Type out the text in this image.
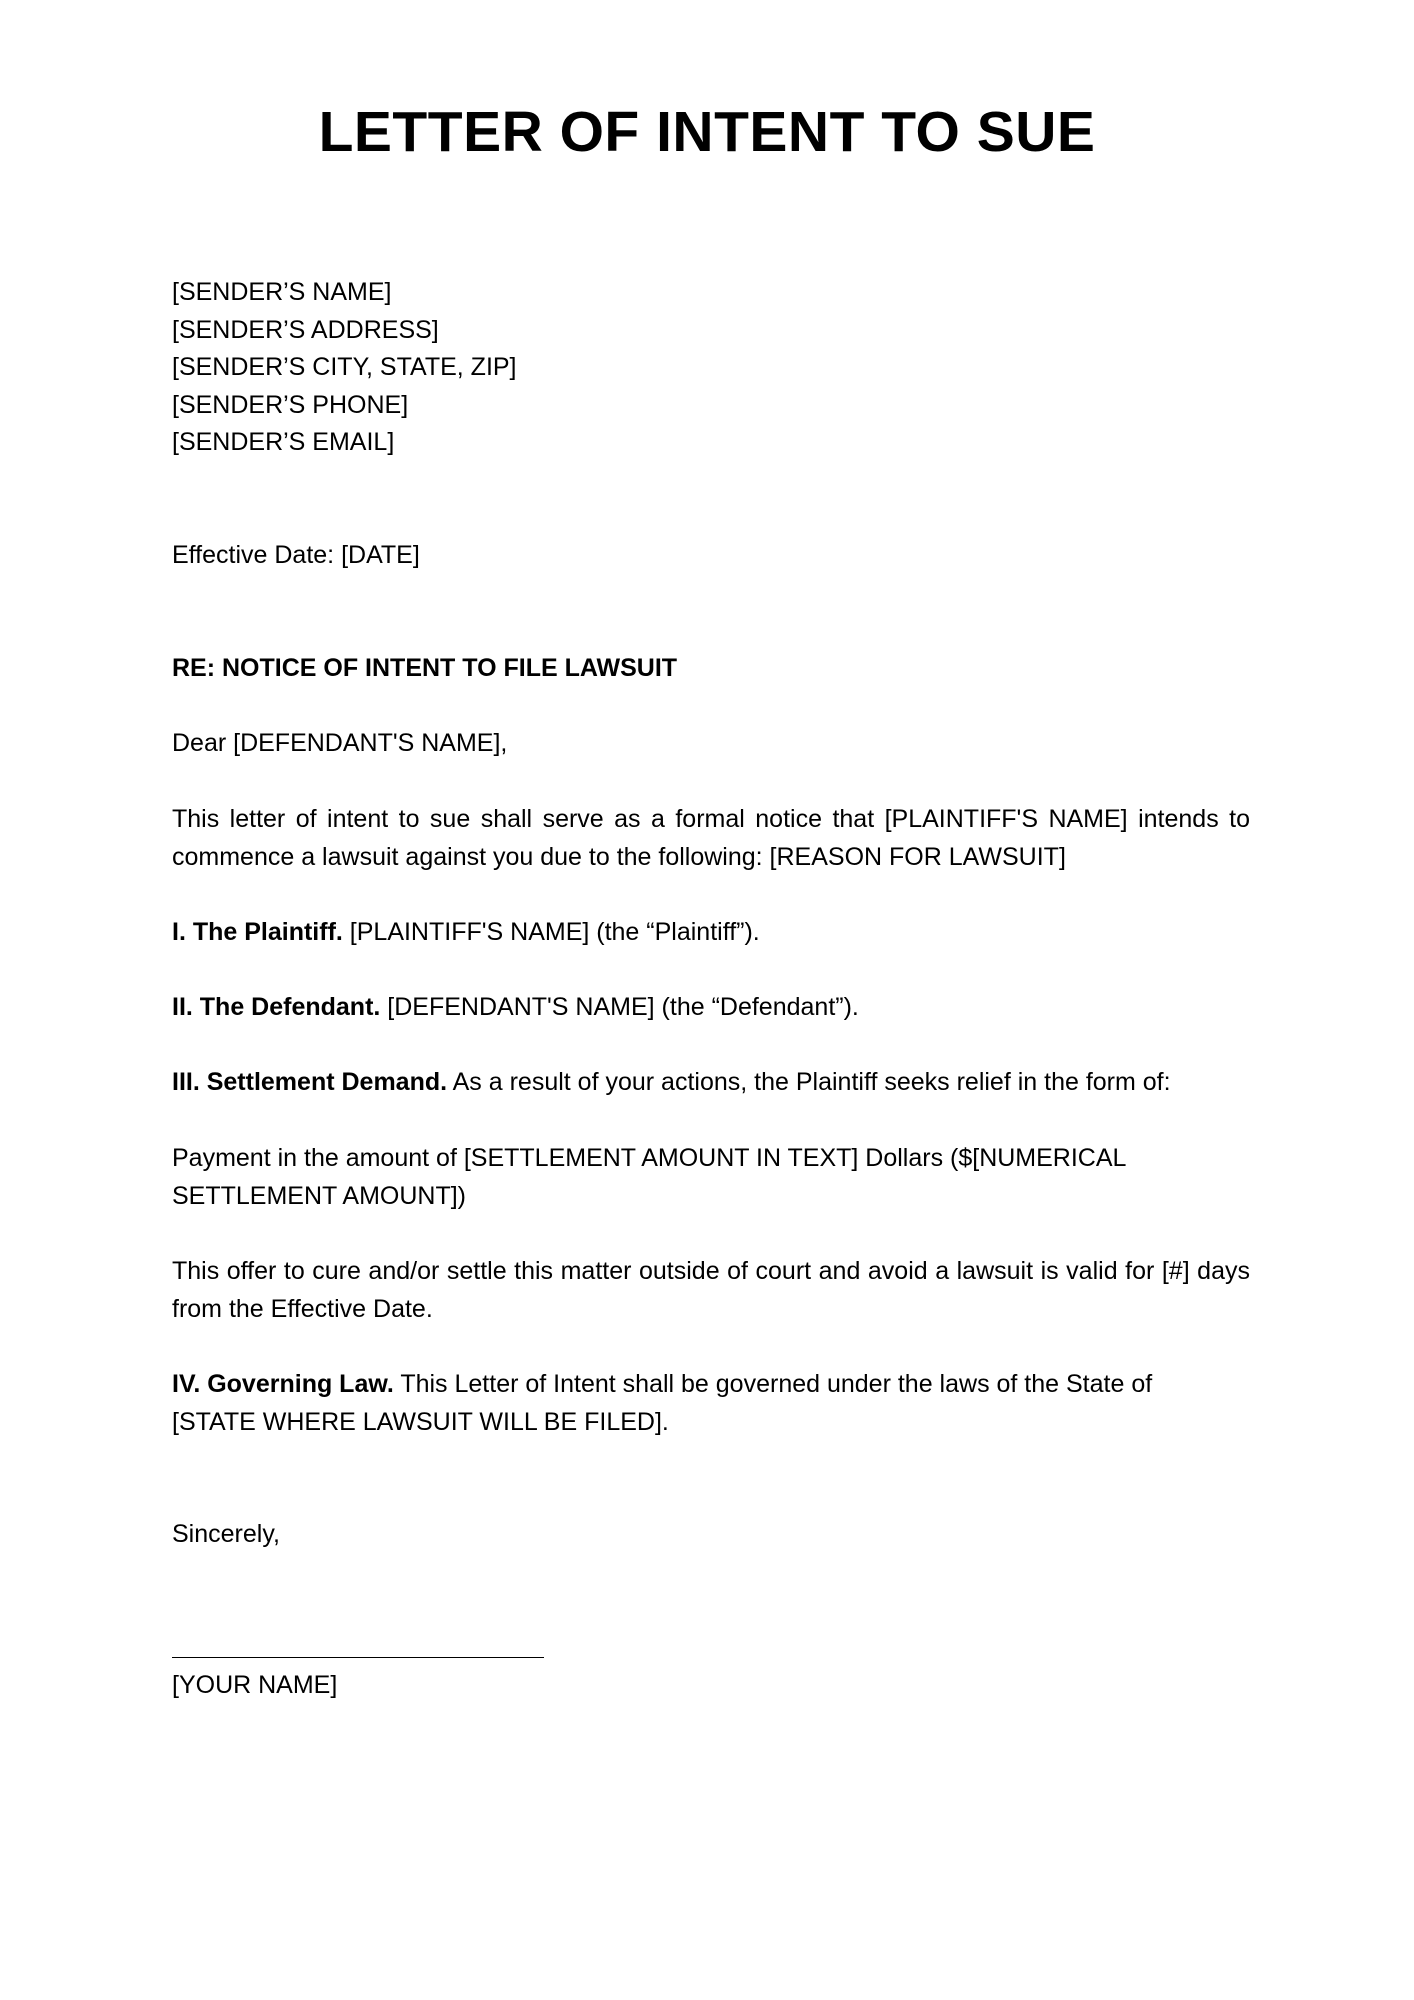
LETTER OF INTENT TO SUE
[SENDER’S NAME]
[SENDER’S ADDRESS]
[SENDER’S CITY, STATE, ZIP]
[SENDER’S PHONE]
[SENDER’S EMAIL]
Effective Date: [DATE]
RE: NOTICE OF INTENT TO FILE LAWSUIT
Dear [DEFENDANT'S NAME],

This letter of intent to sue shall serve as a formal notice that [PLAINTIFF'S NAME] intends to commence a lawsuit against you due to the following: [REASON FOR LAWSUIT]

I. The Plaintiff. [PLAINTIFF'S NAME] (the “Plaintiff”).

II. The Defendant. [DEFENDANT'S NAME] (the “Defendant”).

III. Settlement Demand. As a result of your actions, the Plaintiff seeks relief in the form of:

Payment in the amount of [SETTLEMENT AMOUNT IN TEXT] Dollars ($[NUMERICAL SETTLEMENT AMOUNT])

This offer to cure and/or settle this matter outside of court and avoid a lawsuit is valid for [#] days from the Effective Date.

IV. Governing Law. This Letter of Intent shall be governed under the laws of the State of [STATE WHERE LAWSUIT WILL BE FILED].

Sincerely,
[YOUR NAME]
